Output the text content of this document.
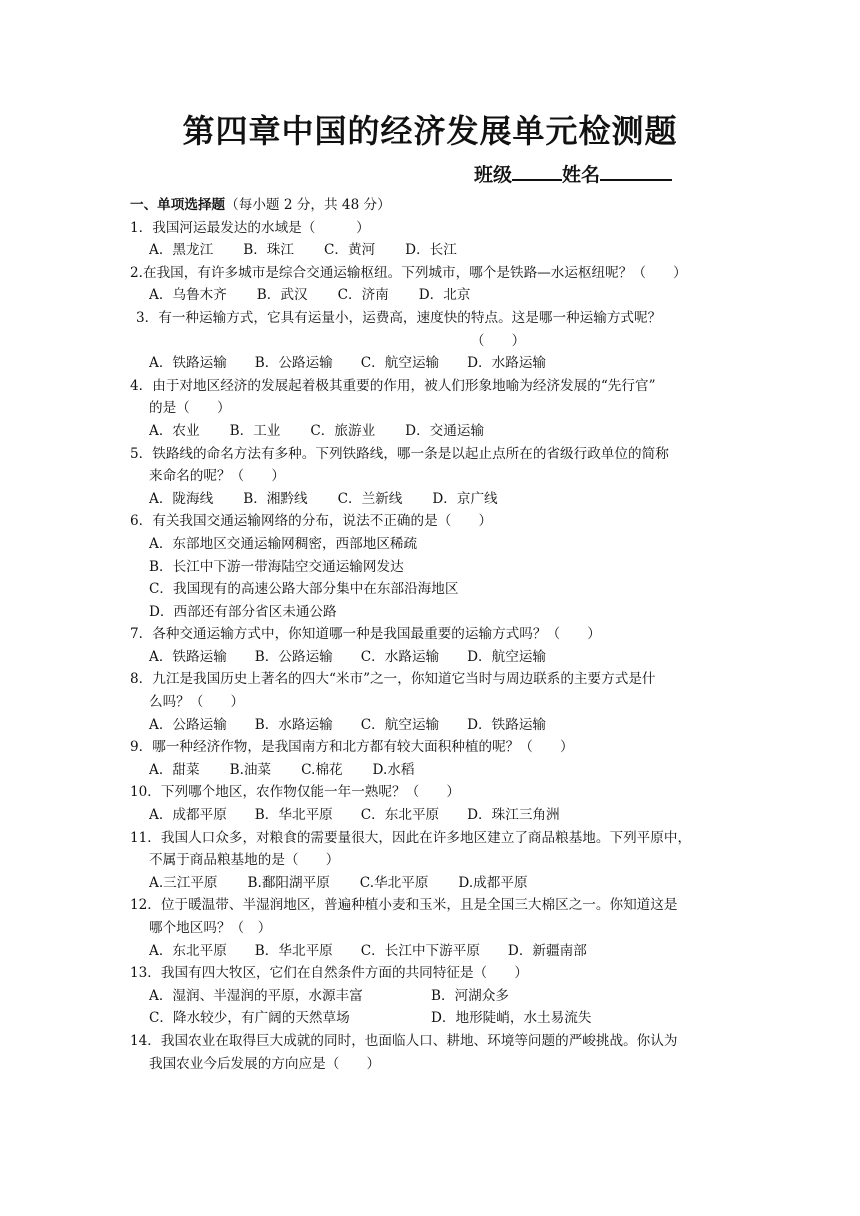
第四章中国的经济发展单元检测题
班级	姓名
一、单项选择题（每小题 2 分，共 48 分）
1．我国河运最发达的水域是（　　　）
A．黑龙江 B．珠江 C．黄河 D．长江
2.在我国，有许多城市是综合交通运输枢纽。下列城市，哪个是铁路—水运枢纽呢？（　　）
A．乌鲁木齐 B．武汉 C．济南 D．北京
3．有一种运输方式，它具有运量小，运费高，速度快的特点。这是哪一种运输方式呢？
（　　）
A．铁路运输 B．公路运输 C．航空运输 D．水路运输
4．由于对地区经济的发展起着极其重要的作用，被人们形象地喻为经济发展的“先行官”
的是（　　）
A．农业 B．工业 C．旅游业 D．交通运输
5．铁路线的命名方法有多种。下列铁路线，哪一条是以起止点所在的省级行政单位的简称
来命名的呢？（　　）
A．陇海线 B．湘黔线 C．兰新线 D．京广线
6．有关我国交通运输网络的分布，说法不正确的是（　　）
A．东部地区交通运输网稠密，西部地区稀疏
B．长江中下游一带海陆空交通运输网发达
C．我国现有的高速公路大部分集中在东部沿海地区
D．西部还有部分省区未通公路
7．各种交通运输方式中，你知道哪一种是我国最重要的运输方式吗？（　　）
A．铁路运输 B．公路运输 C．水路运输 D．航空运输
8．九江是我国历史上著名的四大“米市”之一，你知道它当时与周边联系的主要方式是什
么吗？（　　）
A．公路运输 B．水路运输 C．航空运输 D．铁路运输
9．哪一种经济作物，是我国南方和北方都有较大面积种植的呢？（　　）
A．甜菜 B.油菜 C.棉花 D.水稻
10．下列哪个地区，农作物仅能一年一熟呢？（　　）
A．成都平原 B．华北平原 C．东北平原 D．珠江三角洲
11．我国人口众多，对粮食的需要量很大，因此在许多地区建立了商品粮基地。下列平原中，
不属于商品粮基地的是（　　）
A.三江平原 B.鄱阳湖平原 C.华北平原 D.成都平原
12．位于暖温带、半湿润地区，普遍种植小麦和玉米，且是全国三大棉区之一。你知道这是
哪个地区吗？（　）
A．东北平原 B．华北平原 C．长江中下游平原 D．新疆南部
13．我国有四大牧区，它们在自然条件方面的共同特征是（　　）
A．湿润、半湿润的平原，水源丰富	B．河湖众多
C．降水较少，有广阔的天然草场	D．地形陡峭，水土易流失
14．我国农业在取得巨大成就的同时，也面临人口、耕地、环境等问题的严峻挑战。你认为
我国农业今后发展的方向应是（　　）
